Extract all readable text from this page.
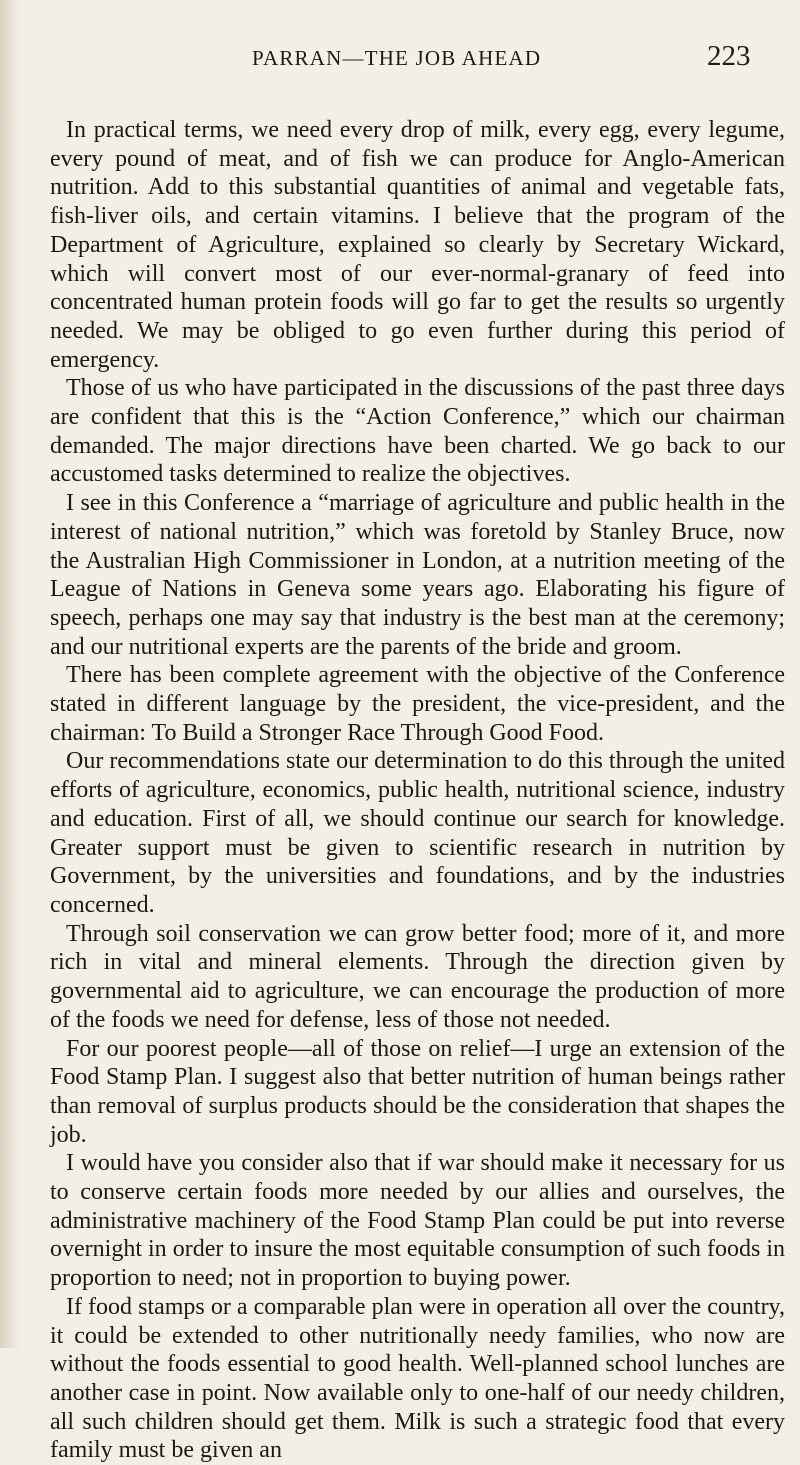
PARRAN—THE JOB AHEAD	223

In practical terms, we need every drop of milk, every egg, every legume, every pound of meat, and of fish we can produce for Anglo-American nutrition. Add to this substantial quantities of animal and vegetable fats, fish-liver oils, and certain vitamins. I believe that the program of the Department of Agriculture, explained so clearly by Secretary Wickard, which will convert most of our ever-normal-granary of feed into concentrated human protein foods will go far to get the results so urgently needed. We may be obliged to go even further during this period of emergency.

Those of us who have participated in the discussions of the past three days are confident that this is the “Action Conference,” which our chairman demanded. The major directions have been charted. We go back to our accustomed tasks determined to realize the objectives.

I see in this Conference a “marriage of agriculture and public health in the interest of national nutrition,” which was foretold by Stanley Bruce, now the Australian High Commissioner in London, at a nutrition meeting of the League of Nations in Geneva some years ago. Elaborating his figure of speech, perhaps one may say that industry is the best man at the ceremony; and our nutritional experts are the parents of the bride and groom.

There has been complete agreement with the objective of the Conference stated in different language by the president, the vice-president, and the chairman: To Build a Stronger Race Through Good Food.

Our recommendations state our determination to do this through the united efforts of agriculture, economics, public health, nutritional science, industry and education. First of all, we should continue our search for knowledge. Greater support must be given to scientific research in nutrition by Government, by the universities and foundations, and by the industries concerned.

Through soil conservation we can grow better food; more of it, and more rich in vital and mineral elements. Through the direction given by governmental aid to agriculture, we can encourage the production of more of the foods we need for defense, less of those not needed.

For our poorest people—all of those on relief—I urge an extension of the Food Stamp Plan. I suggest also that better nutrition of human beings rather than removal of surplus products should be the consideration that shapes the job.

I would have you consider also that if war should make it necessary for us to conserve certain foods more needed by our allies and ourselves, the administrative machinery of the Food Stamp Plan could be put into reverse overnight in order to insure the most equitable consumption of such foods in proportion to need; not in proportion to buying power.

If food stamps or a comparable plan were in operation all over the country, it could be extended to other nutritionally needy families, who now are without the foods essential to good health. Well-planned school lunches are another case in point. Now available only to one-half of our needy children, all such children should get them. Milk is such a strategic food that every family must be given an
